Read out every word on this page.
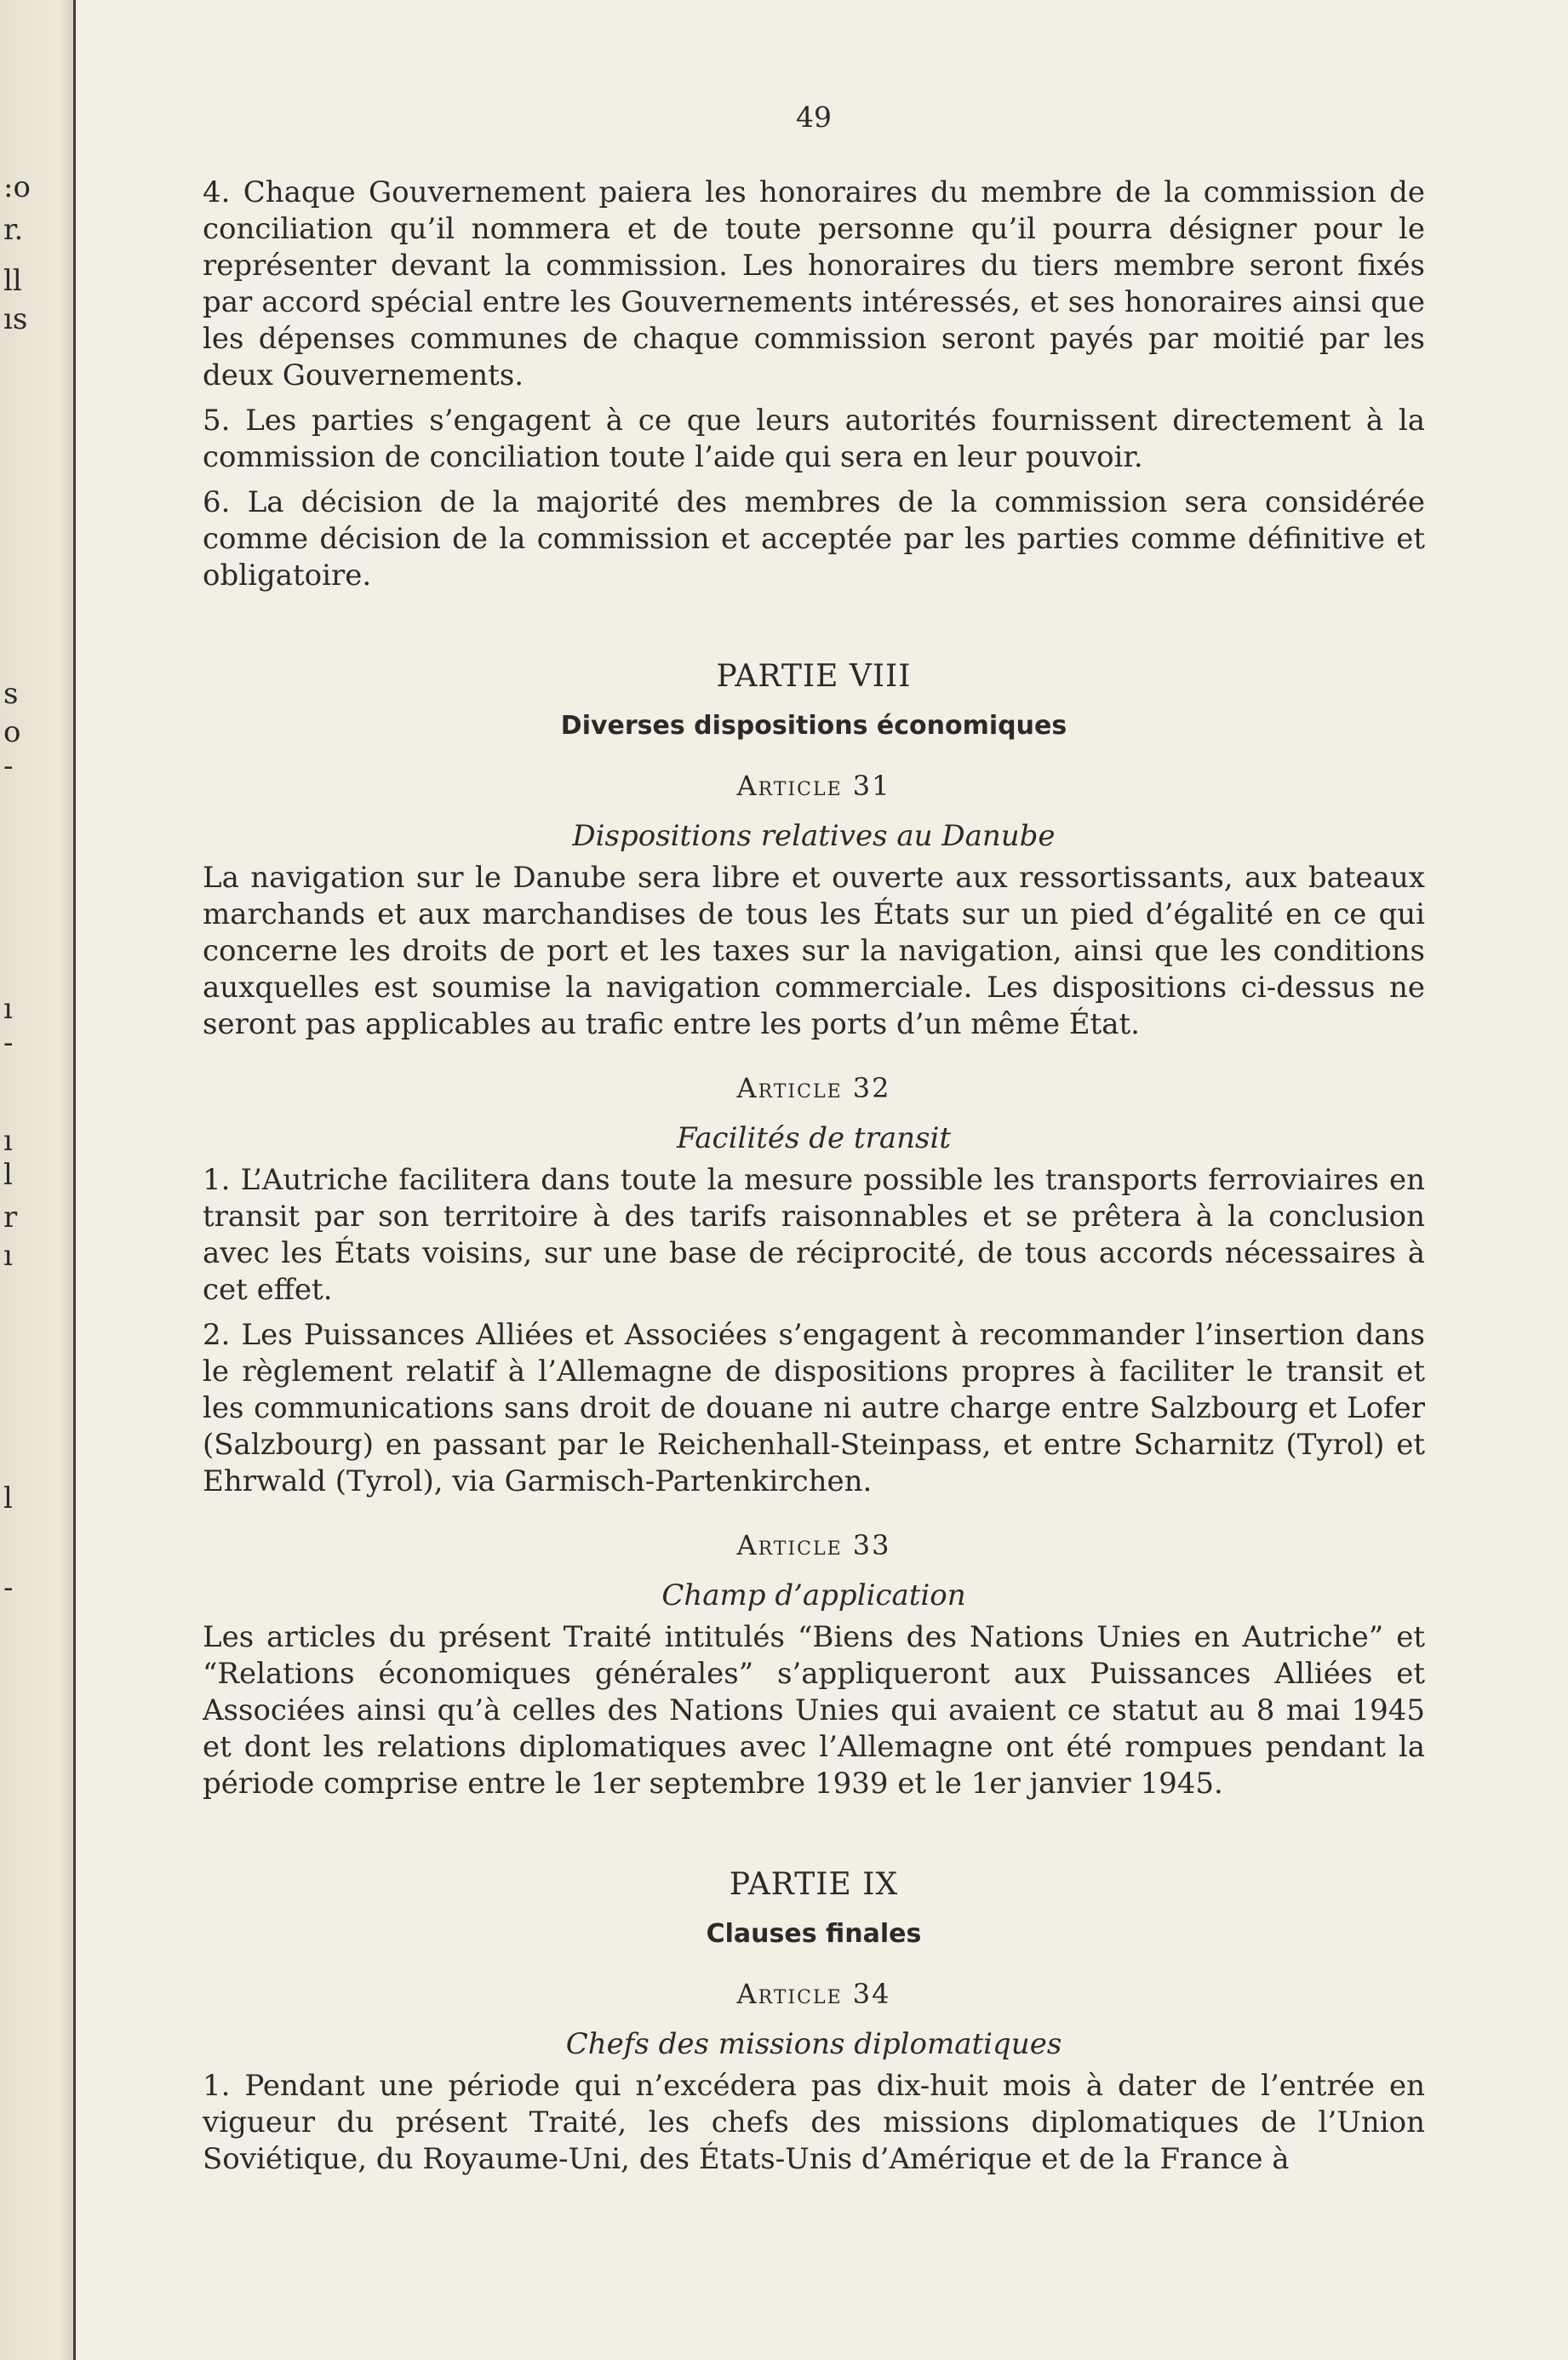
:o
r.
ll
ıs
s
o
-
ı
-
ı
l
r
ı
l
-
49

4. Chaque Gouvernement paiera les honoraires du membre de la commission de conciliation qu’il nommera et de toute personne qu’il pourra désigner pour le représenter devant la commission. Les honoraires du tiers membre seront fixés par accord spécial entre les Gouvernements intéressés, et ses honoraires ainsi que les dépenses communes de chaque commission seront payés par moitié par les deux Gouvernements.

5. Les parties s’engagent à ce que leurs autorités fournissent directement à la commission de conciliation toute l’aide qui sera en leur pouvoir.

6. La décision de la majorité des membres de la commission sera considérée comme décision de la commission et acceptée par les parties comme définitive et obligatoire.

PARTIE VIII
Diverses dispositions économiques
Article 31
Dispositions relatives au Danube

La navigation sur le Danube sera libre et ouverte aux ressortissants, aux bateaux marchands et aux marchandises de tous les États sur un pied d’égalité en ce qui concerne les droits de port et les taxes sur la navigation, ainsi que les conditions auxquelles est soumise la navigation commerciale. Les dispositions ci-dessus ne seront pas applicables au trafic entre les ports d’un même État.

Article 32
Facilités de transit

1. L’Autriche facilitera dans toute la mesure possible les transports ferroviaires en transit par son territoire à des tarifs raisonnables et se prêtera à la conclusion avec les États voisins, sur une base de réciprocité, de tous accords nécessaires à cet effet.

2. Les Puissances Alliées et Associées s’engagent à recommander l’insertion dans le règlement relatif à l’Allemagne de dispositions propres à faciliter le transit et les communications sans droit de douane ni autre charge entre Salzbourg et Lofer (Salzbourg) en passant par le Reichenhall-Steinpass, et entre Scharnitz (Tyrol) et Ehrwald (Tyrol), via Garmisch-Partenkirchen.

Article 33
Champ d’application

Les articles du présent Traité intitulés “Biens des Nations Unies en Autriche” et “Relations économiques générales” s’appliqueront aux Puissances Alliées et Associées ainsi qu’à celles des Nations Unies qui avaient ce statut au 8 mai 1945 et dont les relations diplomatiques avec l’Allemagne ont été rompues pendant la période comprise entre le 1er septembre 1939 et le 1er janvier 1945.

PARTIE IX
Clauses finales
Article 34
Chefs des missions diplomatiques

1. Pendant une période qui n’excédera pas dix-huit mois à dater de l’entrée en vigueur du présent Traité, les chefs des missions diplomatiques de l’Union Soviétique, du Royaume-Uni, des États-Unis d’Amérique et de la France à
